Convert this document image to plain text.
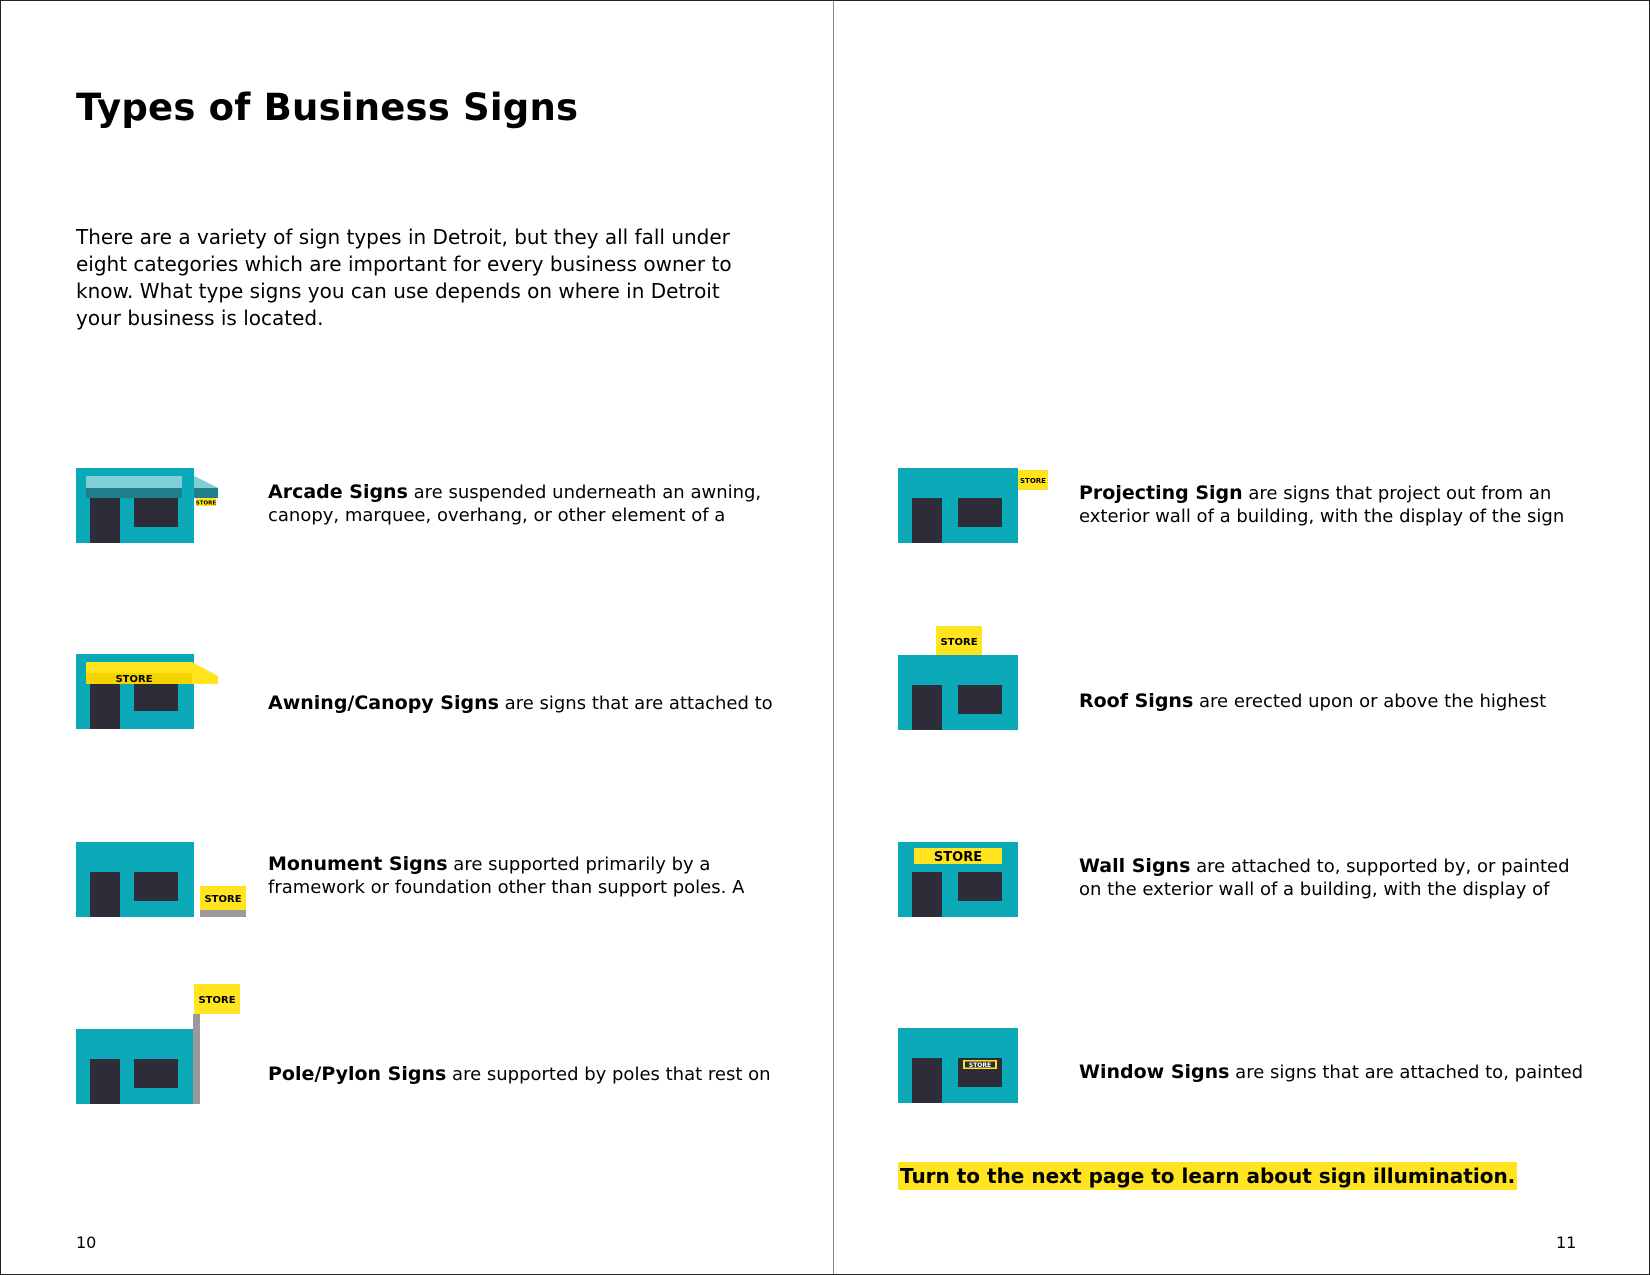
Types of Business Signs
There are a variety of sign types in Detroit, but they all fall under eight categories which are important for every business owner to know. What type signs you can use depends on where in Detroit your business is located.
STORE
Arcade Signs are suspended underneath an awning,
canopy, marquee, overhang, or other element of a
STORE
Awning/Canopy Signs are signs that are attached to
STORE
Monument Signs are supported primarily by a
framework or foundation other than support poles. A
STORE
Pole/Pylon Signs are supported by poles that rest on
STORE
Projecting Sign are signs that project out from an
exterior wall of a building, with the display of the sign
STORE
Roof Signs are erected upon or above the highest
STORE	Wall Signs are attached to, supported by, or painted
on the exterior wall of a building, with the display of
STORE	Window Signs are signs that are attached to, painted
Turn to the next page to learn about sign illumination.
10	11
